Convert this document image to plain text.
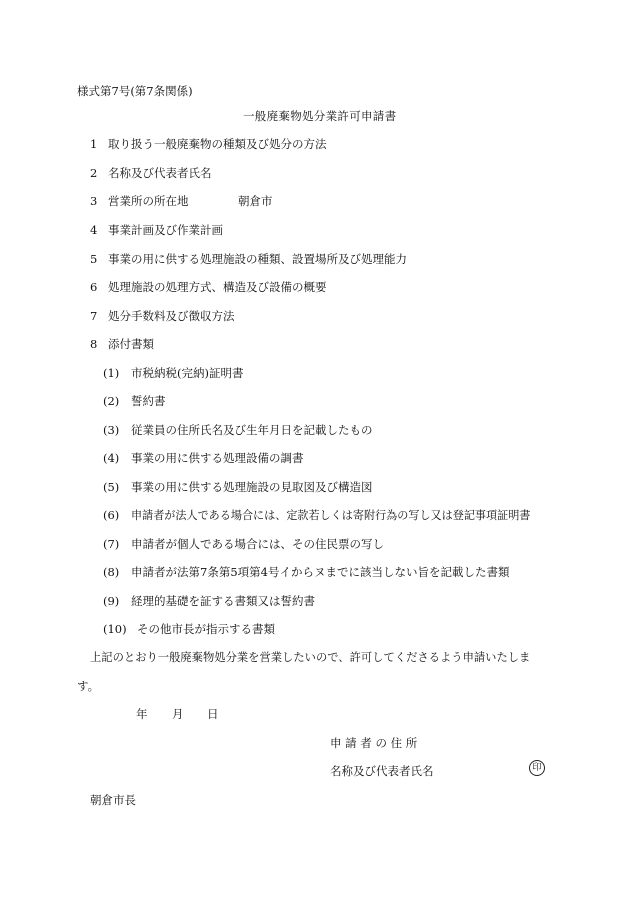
様式第7号(第7条関係)
一般廃棄物処分業許可申請書
1 取り扱う一般廃棄物の種類及び処分の方法
2 名称及び代表者氏名
3 営業所の所在地	朝倉市
4 事業計画及び作業計画
5 事業の用に供する処理施設の種類、設置場所及び処理能力
6 処理施設の処理方式、構造及び設備の概要
7 処分手数料及び徴収方法
8 添付書類
(1) 市税納税(完納)証明書
(2) 誓約書
(3) 従業員の住所氏名及び生年月日を記載したもの
(4) 事業の用に供する処理設備の調書
(5) 事業の用に供する処理施設の見取図及び構造図
(6) 申請者が法人である場合には、定款若しくは寄附行為の写し又は登記事項証明書
(7) 申請者が個人である場合には、その住民票の写し
(8) 申請者が法第7条第5項第4号イからヌまでに該当しない旨を記載した書類
(9) 経理的基礎を証する書類又は誓約書
(10) その他市長が指示する書類
上記のとおり一般廃棄物処分業を営業したいので、許可してくださるよう申請いたしま
す。
年 月 日
申 請 者 の 住 所
名称及び代表者氏名	印
朝倉市長
